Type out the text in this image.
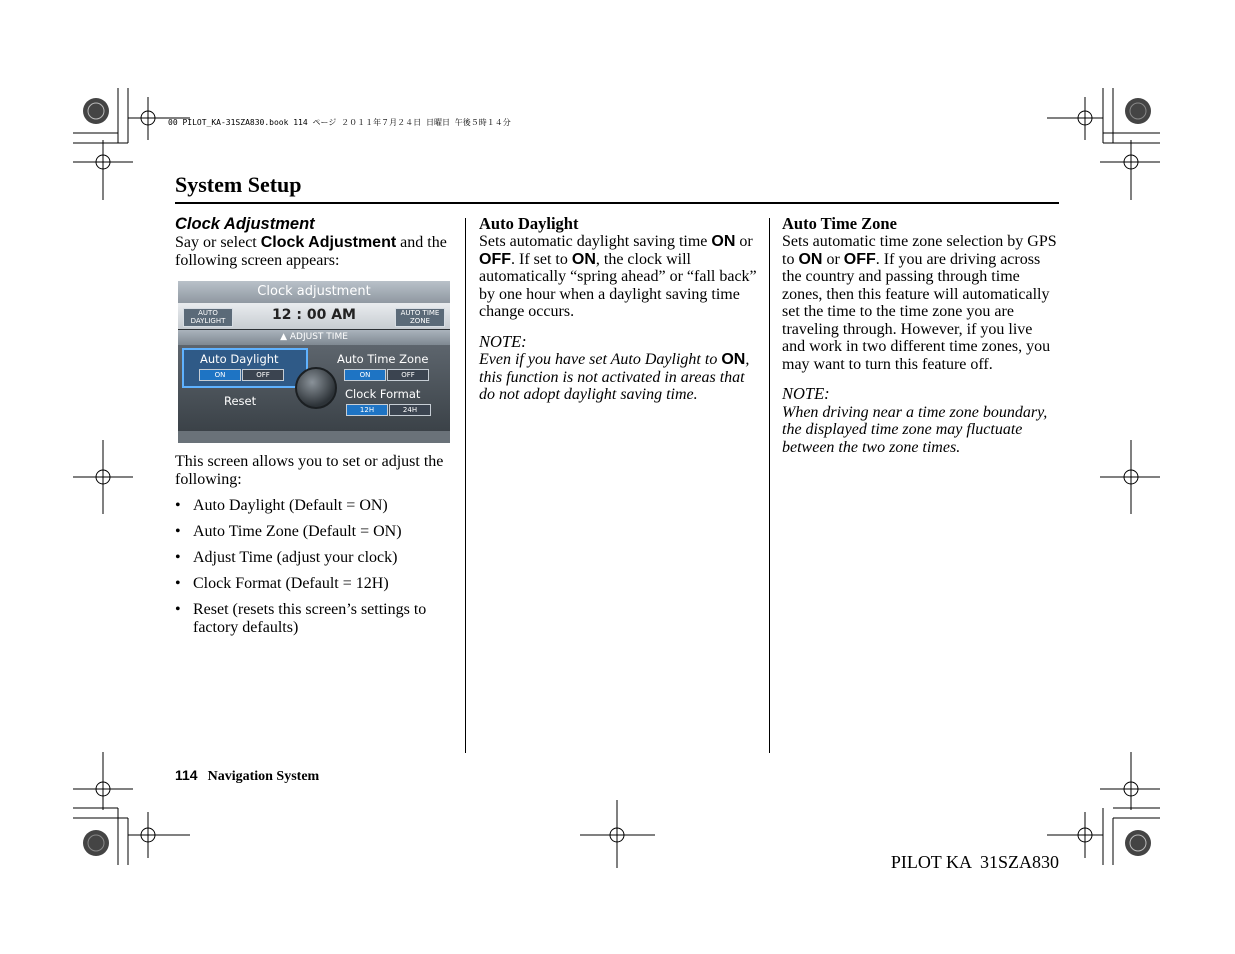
00 PILOT_KA-31SZA830.book 114 ページ ２０１１年７月２４日 日曜日 午後５時１４分
System Setup
Clock Adjustment
Say or select Clock Adjustment and the following screen appears:
Clock adjustment
AUTO DAYLIGHT	12 : 00 AM	AUTO TIME ZONE
▲ ADJUST TIME
Auto Daylight
ON	OFF
Auto Time Zone
ON	OFF
Reset	Clock Format
12H	24H
This screen allows you to set or adjust the following:
• Auto Daylight (Default = ON)
• Auto Time Zone (Default = ON)
• Adjust Time (adjust your clock)
• Clock Format (Default = 12H)
• Reset (resets this screen’s settings to factory defaults)
Auto Daylight
Sets automatic daylight saving time ON or OFF. If set to ON, the clock will automatically “spring ahead” or “fall back” by one hour when a daylight saving time change occurs.
NOTE:
Even if you have set Auto Daylight to ON, this function is not activated in areas that do not adopt daylight saving time.
Auto Time Zone
Sets automatic time zone selection by GPS to ON or OFF. If you are driving across the country and passing through time zones, then this feature will automatically set the time to the time zone you are traveling through. However, if you live and work in two different time zones, you may want to turn this feature off.
NOTE:
When driving near a time zone boundary, the displayed time zone may fluctuate between the two zone times.
114 Navigation System
PILOT KA  31SZA830
